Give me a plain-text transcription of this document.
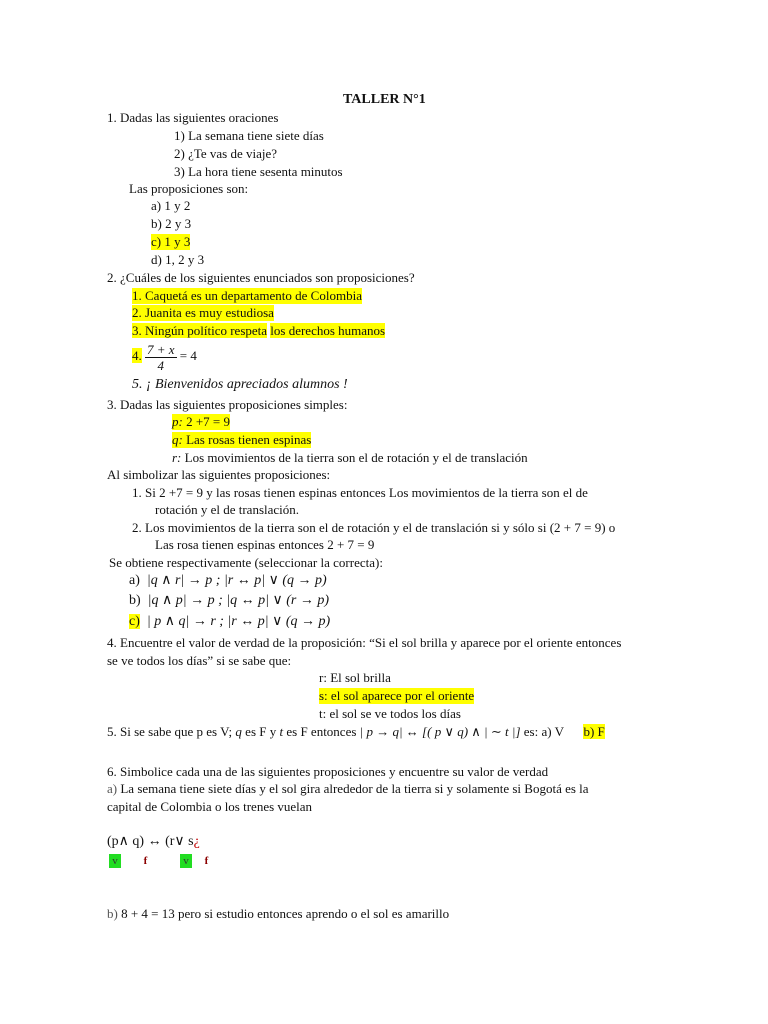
TALLER N°1
1. Dadas las siguientes oraciones
1) La semana tiene siete días
2) ¿Te vas de viaje?
3) La hora tiene sesenta minutos
Las proposiciones son:
a) 1 y 2
b) 2 y 3
c) 1 y 3
d) 1, 2 y 3
2. ¿Cuáles de los siguientes enunciados son proposiciones?
1. Caquetá es un departamento de Colombia
2. Juanita es muy estudiosa
3. Ningún político respeta los derechos humanos
4. $\frac{7 + x}{4} = 4$
5. ¡ Bienvenidos apreciados alumnos !
3. Dadas las siguientes proposiciones simples:
p: 2 +7 = 9
q: Las rosas tienen espinas
r: Los movimientos de la tierra son el de rotación y el de translación
Al simbolizar las siguientes proposiciones:
1. Si 2 +7 = 9 y las rosas tienen espinas entonces Los movimientos de la tierra son el de
rotación y el de translación.
2. Los movimientos de la tierra son el de rotación y el de translación si y sólo si (2 + 7 = 9) o
Las rosa tienen espinas entonces 2 + 7 = 9
Se obtiene respectivamente (seleccionar la correcta):
a) |q ∧ r| → p ; |r ↔ p| ∨ (q → p)
b) |q ∧ p| → p ; |q ↔ p| ∨ (r → p)
c) | p ∧ q| → r ; |r ↔ p| ∨ (q → p)
4. Encuentre el valor de verdad de la proposición: “Si el sol brilla y aparece por el oriente entonces
se ve todos los días” si se sabe que:
r: El sol brilla
s: el sol aparece por el oriente
t: el sol se ve todos los días
5. Si se sabe que p es V; q es F y t es F entonces | p → q| ↔ [( p ∨ q) ∧ | ∼ t |] es: a) V b) F
6. Simbolice cada una de las siguientes proposiciones y encuentre su valor de verdad
a) La semana tiene siete días y el sol gira alrededor de la tierra si y solamente si Bogotá es la
capital de Colombia o los trenes vuelan
(p∧ q) ↔ (r∨ s¿
v f	v f
b) 8 + 4 = 13 pero si estudio entonces aprendo o el sol es amarillo
